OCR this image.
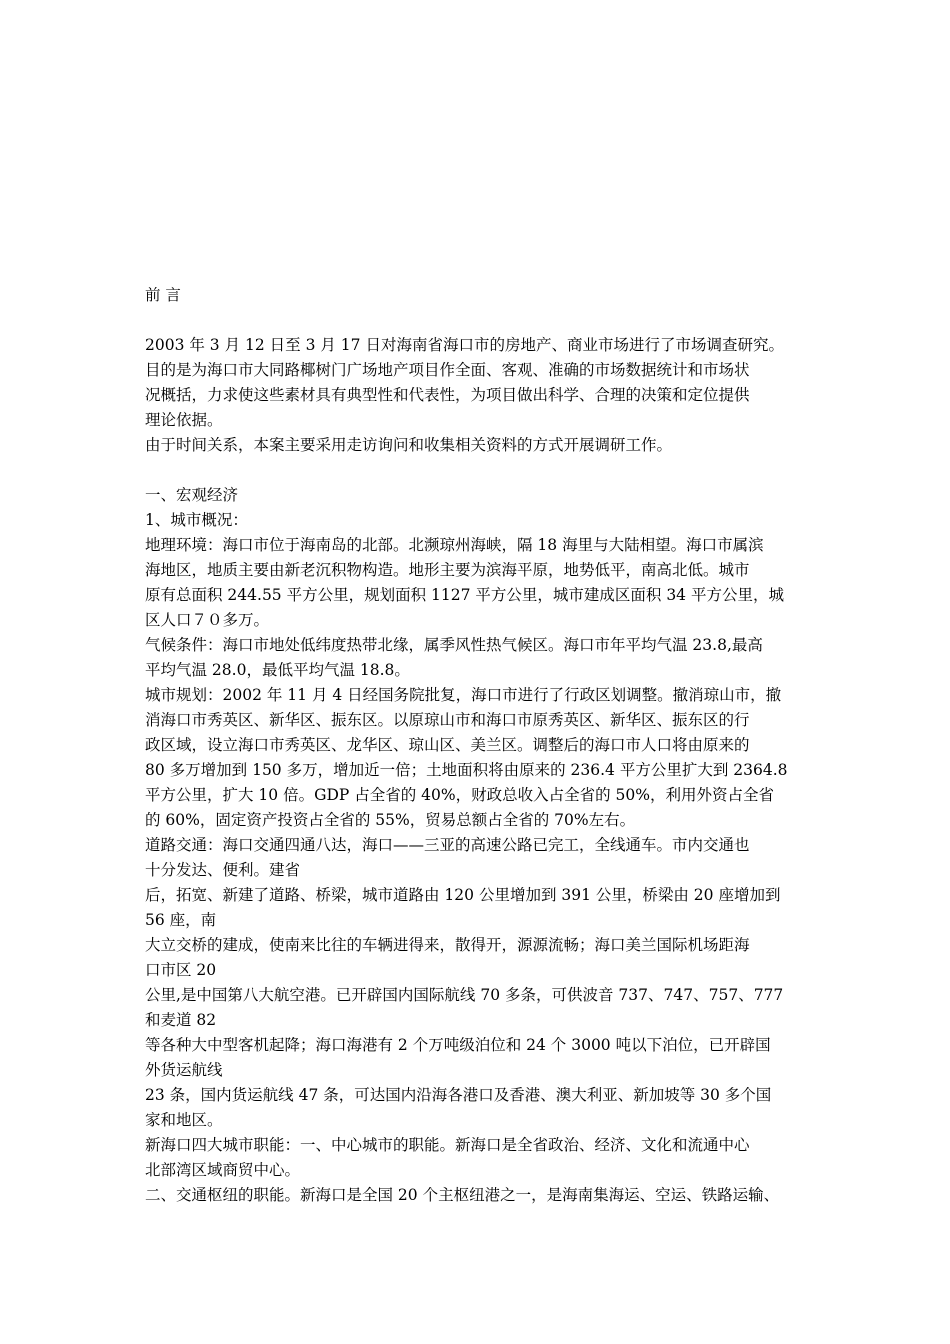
前 言
2003 年 3 月 12 日至 3 月 17 日对海南省海口市的房地产、商业市场进行了市场调查研究。
目的是为海口市大同路椰树门广场地产项目作全面、客观、准确的市场数据统计和市场状
况概括，力求使这些素材具有典型性和代表性，为项目做出科学、合理的决策和定位提供
理论依据。
由于时间关系，本案主要采用走访询问和收集相关资料的方式开展调研工作。
一、宏观经济
1、城市概况：
地理环境：海口市位于海南岛的北部。北濒琼州海峡，隔 18 海里与大陆相望。海口市属滨
海地区，地质主要由新老沉积物构造。地形主要为滨海平原，地势低平，南高北低。城市
原有总面积 244.55 平方公里，规划面积 1127 平方公里，城市建成区面积 34 平方公里，城
区人口７０多万。
气候条件：海口市地处低纬度热带北缘，属季风性热气候区。海口市年平均气温 23.8,最高
平均气温 28.0，最低平均气温 18.8。
城市规划：2002 年 11 月 4 日经国务院批复，海口市进行了行政区划调整。撤消琼山市，撤
消海口市秀英区、新华区、振东区。以原琼山市和海口市原秀英区、新华区、振东区的行
政区域，设立海口市秀英区、龙华区、琼山区、美兰区。调整后的海口市人口将由原来的
80 多万增加到 150 多万，增加近一倍；土地面积将由原来的 236.4 平方公里扩大到 2364.8
平方公里，扩大 10 倍。GDP 占全省的 40%，财政总收入占全省的 50%，利用外资占全省
的 60%，固定资产投资占全省的 55%，贸易总额占全省的 70%左右。
道路交通：海口交通四通八达，海口——三亚的高速公路已完工，全线通车。市内交通也
十分发达、便利。建省
后，拓宽、新建了道路、桥梁，城市道路由 120 公里增加到 391 公里，桥梁由 20 座增加到
56 座，南
大立交桥的建成，使南来比往的车辆进得来，散得开，源源流畅；海口美兰国际机场距海
口市区 20
公里,是中国第八大航空港。已开辟国内国际航线 70 多条，可供波音 737、747、757、777
和麦道 82
等各种大中型客机起降；海口海港有 2 个万吨级泊位和 24 个 3000 吨以下泊位，已开辟国
外货运航线
23 条，国内货运航线 47 条，可达国内沿海各港口及香港、澳大利亚、新加坡等 30 多个国
家和地区。
新海口四大城市职能：一、中心城市的职能。新海口是全省政治、经济、文化和流通中心
北部湾区域商贸中心。
二、交通枢纽的职能。新海口是全国 20 个主枢纽港之一，是海南集海运、空运、铁路运输、
